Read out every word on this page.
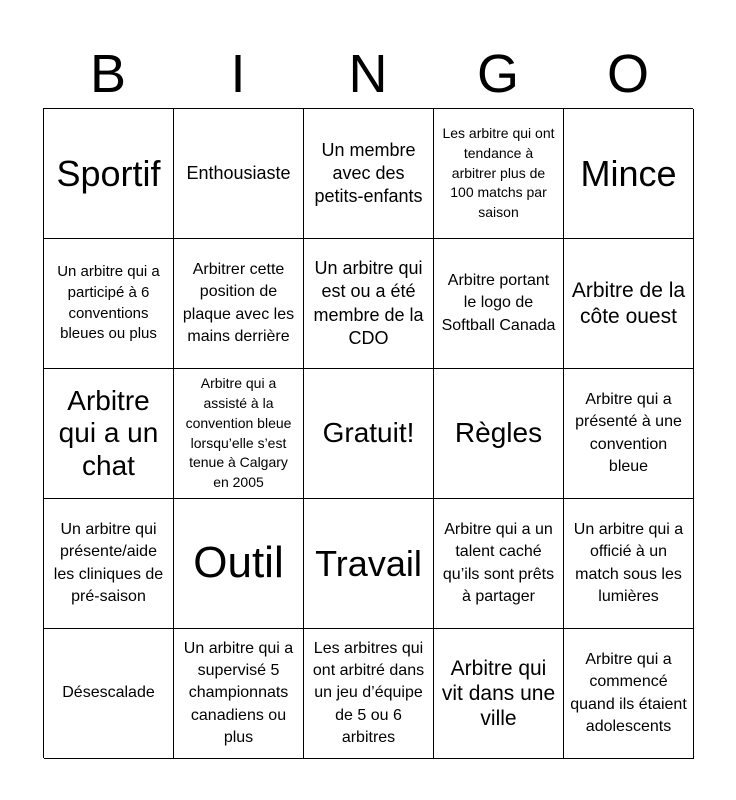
B	I	N	G	O
Sportif Enthousiaste
Un membre avec des petits-enfants
Les arbitre qui ont tendance à arbitrer plus de 100 matchs par saison
Mince
Un arbitre qui a participé à 6 conventions bleues ou plus
Arbitrer cette position de plaque avec les mains derrière
Un arbitre qui est ou a été membre de la CDO
Arbitre portant le logo de Softball Canada
Arbitre de la côte ouest
Arbitre qui a un chat
Arbitre qui a assisté à la convention bleue lorsqu’elle s’est tenue à Calgary en 2005
Gratuit! Règles
Arbitre qui a présenté à une convention bleue
Un arbitre qui présente/aide les cliniques de pré-saison
Outil Travail
Arbitre qui a un talent caché qu’ils sont prêts à partager
Un arbitre qui a officié à un match sous les lumières
Désescalade
Un arbitre qui a supervisé 5 championnats canadiens ou plus
Les arbitres qui ont arbitré dans un jeu d’équipe de 5 ou 6 arbitres
Arbitre qui vit dans une ville
Arbitre qui a commencé quand ils étaient adolescents
